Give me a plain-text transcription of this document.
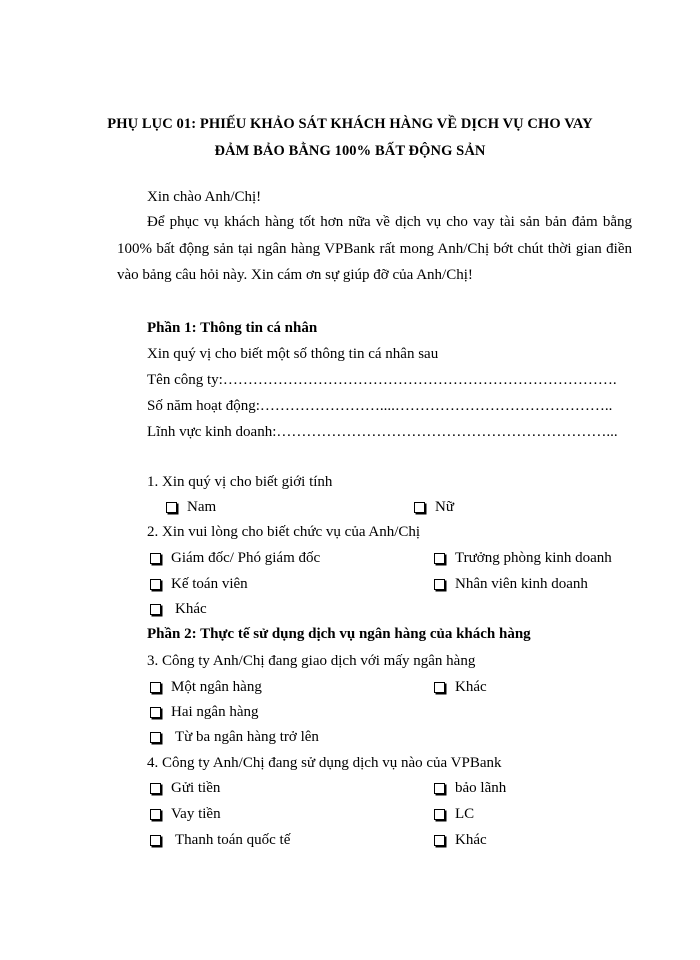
PHỤ LỤC 01: PHIẾU KHẢO SÁT KHÁCH HÀNG VỀ DỊCH VỤ CHO VAY
ĐẢM BẢO BẰNG 100% BẤT ĐỘNG SẢN
Xin chào Anh/Chị!

Để phục vụ khách hàng tốt hơn nữa về dịch vụ cho vay tài sản bản đảm bằng 100% bất động sản tại ngân hàng VPBank rất mong Anh/Chị bớt chút thời gian điền vào bảng câu hỏi này. Xin cám ơn sự giúp đỡ của Anh/Chị!

Phần 1: Thông tin cá nhân
Xin quý vị cho biết một số thông tin cá nhân sau
Tên công ty:…………………………………………………………………….
Số năm hoạt động:……………………....……………………………………..
Lĩnh vực kinh doanh:…………………………………………………………...
1. Xin quý vị cho biết giới tính
Nam	Nữ
2. Xin vui lòng cho biết chức vụ của Anh/Chị
Giám đốc/ Phó giám đốc	Trưởng phòng kinh doanh
Kế toán viên	Nhân viên kinh doanh
Khác
Phần 2: Thực tế sử dụng dịch vụ ngân hàng của khách hàng
3. Công ty Anh/Chị đang giao dịch với mấy ngân hàng
Một ngân hàng	Khác
Hai ngân hàng
Từ ba ngân hàng trở lên
4. Công ty Anh/Chị đang sử dụng dịch vụ nào của VPBank
Gửi tiền	bảo lãnh
Vay tiền	LC
Thanh toán quốc tế	Khác
